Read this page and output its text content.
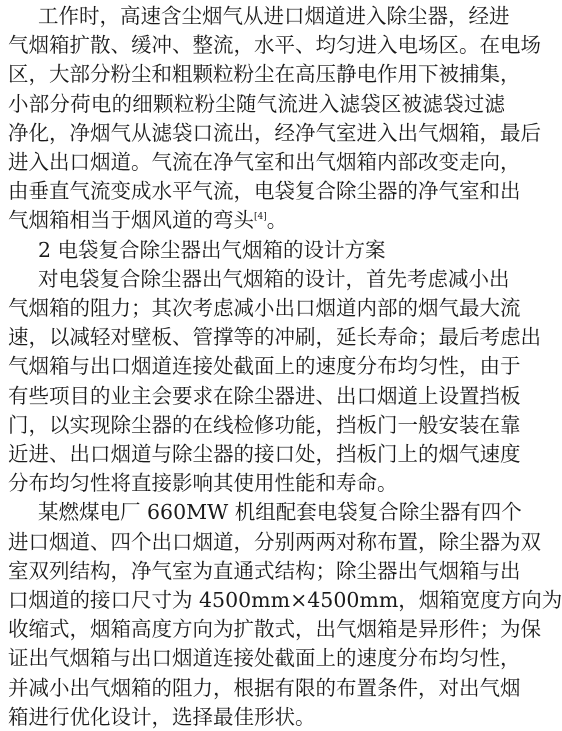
工作时，高速含尘烟气从进口烟道进入除尘器，经进
气烟箱扩散、缓冲、整流，水平、均匀进入电场区。在电场
区，大部分粉尘和粗颗粒粉尘在高压静电作用下被捕集，
小部分荷电的细颗粒粉尘随气流进入滤袋区被滤袋过滤
净化，净烟气从滤袋口流出，经净气室进入出气烟箱，最后
进入出口烟道。气流在净气室和出气烟箱内部改变走向，
由垂直气流变成水平气流，电袋复合除尘器的净气室和出
气烟箱相当于烟风道的弯头[4]。
2 电袋复合除尘器出气烟箱的设计方案
对电袋复合除尘器出气烟箱的设计，首先考虑减小出
气烟箱的阻力；其次考虑减小出口烟道内部的烟气最大流
速，以减轻对壁板、管撑等的冲刷，延长寿命；最后考虑出
气烟箱与出口烟道连接处截面上的速度分布均匀性，由于
有些项目的业主会要求在除尘器进、出口烟道上设置挡板
门，以实现除尘器的在线检修功能，挡板门一般安装在靠
近进、出口烟道与除尘器的接口处，挡板门上的烟气速度
分布均匀性将直接影响其使用性能和寿命。
某燃煤电厂 660MW 机组配套电袋复合除尘器有四个
进口烟道、四个出口烟道，分别两两对称布置，除尘器为双
室双列结构，净气室为直通式结构；除尘器出气烟箱与出
口烟道的接口尺寸为 4500mm×4500mm，烟箱宽度方向为
收缩式，烟箱高度方向为扩散式，出气烟箱是异形件；为保
证出气烟箱与出口烟道连接处截面上的速度分布均匀性，
并减小出气烟箱的阻力，根据有限的布置条件，对出气烟
箱进行优化设计，选择最佳形状。
